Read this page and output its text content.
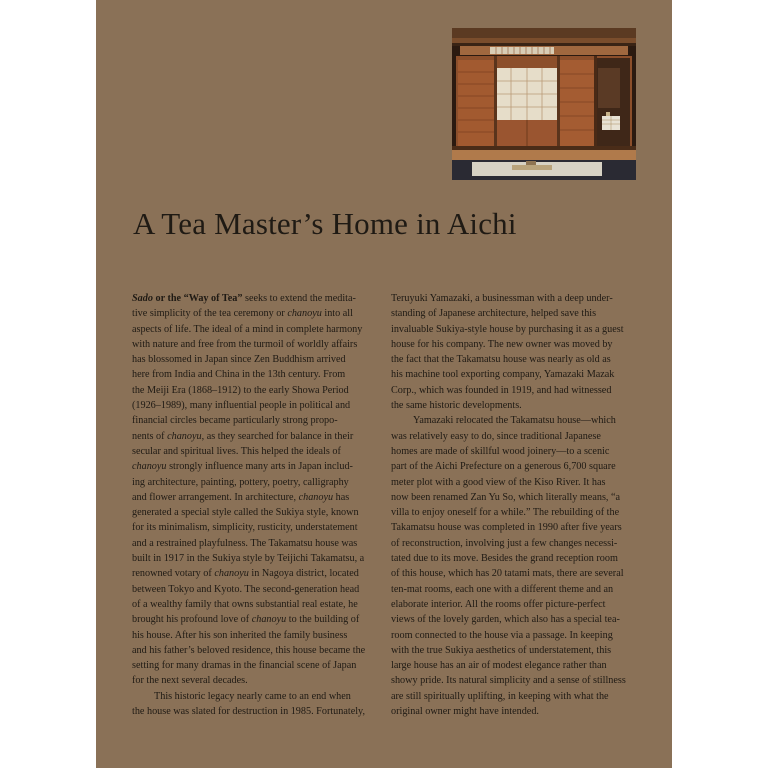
A Tea Master’s Home in Aichi
Sado or the “Way of Tea” seeks to extend the medita-
tive simplicity of the tea ceremony or chanoyu into all
aspects of life. The ideal of a mind in complete harmony
with nature and free from the turmoil of worldly affairs
has blossomed in Japan since Zen Buddhism arrived
here from India and China in the 13th century. From
the Meiji Era (1868–1912) to the early Showa Period
(1926–1989), many influential people in political and
financial circles became particularly strong propo-
nents of chanoyu, as they searched for balance in their
secular and spiritual lives. This helped the ideals of
chanoyu strongly influence many arts in Japan includ-
ing architecture, painting, pottery, poetry, calligraphy
and flower arrangement. In architecture, chanoyu has
generated a special style called the Sukiya style, known
for its minimalism, simplicity, rusticity, understatement
and a restrained playfulness. The Takamatsu house was
built in 1917 in the Sukiya style by Teijichi Takamatsu, a
renowned votary of chanoyu in Nagoya district, located
between Tokyo and Kyoto. The second-generation head
of a wealthy family that owns substantial real estate, he
brought his profound love of chanoyu to the building of
his house. After his son inherited the family business
and his father’s beloved residence, this house became the
setting for many dramas in the financial scene of Japan
for the next several decades.
This historic legacy nearly came to an end when
the house was slated for destruction in 1985. Fortunately,
Teruyuki Yamazaki, a businessman with a deep under-
standing of Japanese architecture, helped save this
invaluable Sukiya-style house by purchasing it as a guest
house for his company. The new owner was moved by
the fact that the Takamatsu house was nearly as old as
his machine tool exporting company, Yamazaki Mazak
Corp., which was founded in 1919, and had witnessed
the same historic developments.
Yamazaki relocated the Takamatsu house—which
was relatively easy to do, since traditional Japanese
homes are made of skillful wood joinery—to a scenic
part of the Aichi Prefecture on a generous 6,700 square
meter plot with a good view of the Kiso River. It has
now been renamed Zan Yu So, which literally means, “a
villa to enjoy oneself for a while.” The rebuilding of the
Takamatsu house was completed in 1990 after five years
of reconstruction, involving just a few changes necessi-
tated due to its move. Besides the grand reception room
of this house, which has 20 tatami mats, there are several
ten-mat rooms, each one with a different theme and an
elaborate interior. All the rooms offer picture-perfect
views of the lovely garden, which also has a special tea-
room connected to the house via a passage. In keeping
with the true Sukiya aesthetics of understatement, this
large house has an air of modest elegance rather than
showy pride. Its natural simplicity and a sense of stillness
are still spiritually uplifting, in keeping with what the
original owner might have intended.
